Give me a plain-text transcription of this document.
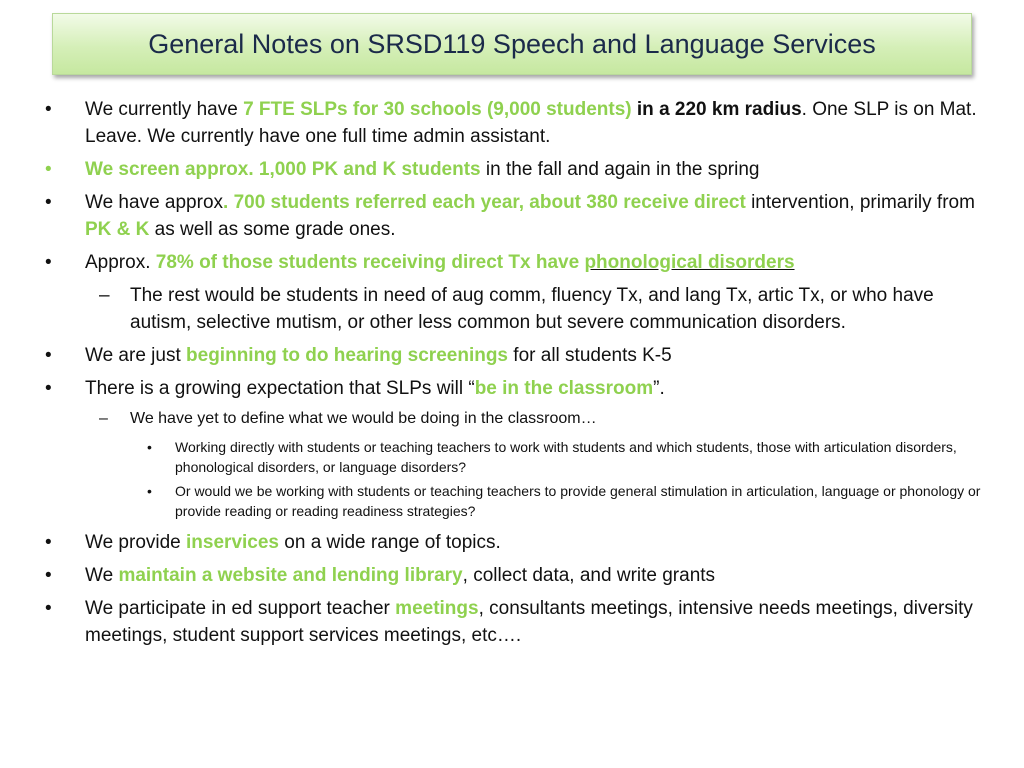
General Notes on SRSD119 Speech and Language Services
•	We currently have 7 FTE SLPs for 30 schools (9,000 students) in a 220 km radius. One SLP is on Mat. Leave. We currently have one full time admin assistant.
•	We screen approx. 1,000 PK and K students in the fall and again in the spring
•	We have approx. 700 students referred each year, about 380 receive direct intervention, primarily from PK & K as well as some grade ones.
•	Approx. 78% of those students receiving direct Tx have phonological disorders
– The rest would be students in need of aug comm, fluency Tx, and lang Tx, artic Tx, or who have autism, selective mutism, or other less common but severe communication disorders.
•	We are just beginning to do hearing screenings for all students K-5
•	There is a growing expectation that SLPs will “be in the classroom”.
– We have yet to define what we would be doing in the classroom…
• Working directly with students or teaching teachers to work with students and which students, those with articulation disorders, phonological disorders, or language disorders?
• Or would we be working with students or teaching teachers to provide general stimulation in articulation, language or phonology or provide reading or reading readiness strategies?
•	We provide inservices on a wide range of topics.
•	We maintain a website and lending library, collect data, and write grants
•	We participate in ed support teacher meetings, consultants meetings, intensive needs meetings, diversity meetings, student support services meetings, etc….
